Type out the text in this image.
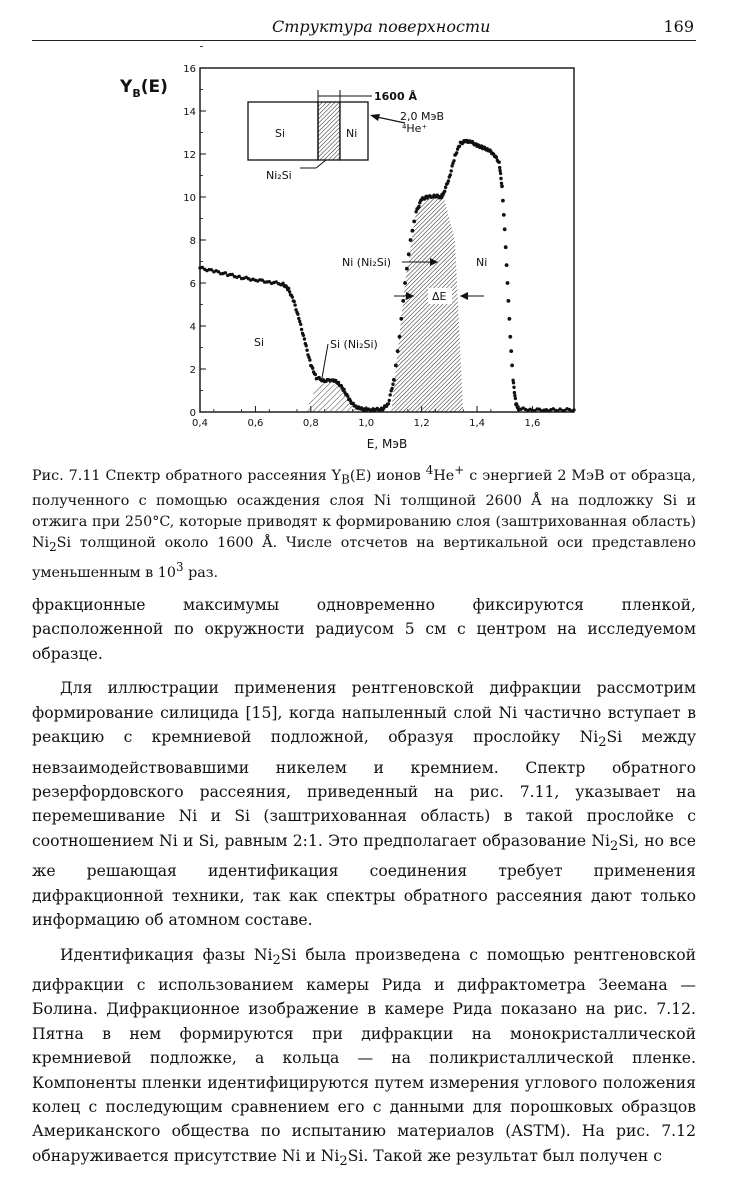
Структура поверхности	169
$Y_B(E)$
0
2
4
6
8
10
12
14
16
0,4	0,6	0,8	1,0	1,2	1,4	1,6
E, МэВ
Si	Ni
1600 Å
2,0 МэВ
⁴He⁺
Ni₂Si
Si
Ni
Si (Ni₂Si)
Ni (Ni₂Si)
ΔE
Рис. 7.11 Спектр обратного рассеяния $Y_B(E)$ ионов $^4$He+ с энергией 2 МэВ от образца, полученного с помощью осаждения слоя Ni толщиной 2600 Å на подложку Si и отжига при 250°C, которые приводят к формированию слоя (заштрихованная область) $Ni_2Si$ толщиной около 1600 Å. Числе отсчетов на вертикальной оси представлено уменьшенным в $10^3$ раз.

фракционные максимумы одновременно фиксируются пленкой, расположенной по окружности радиусом 5 см с центром на исследуемом образце.

Для иллюстрации применения рентгеновской дифракции рассмотрим формирование силицида [15], когда напыленный слой Ni частично вступает в реакцию с кремниевой подложной, образуя прослойку $Ni_2Si$ между невзаимодействовавшими никелем и кремнием. Спектр обратного резерфордовского рассеяния, приведенный на рис. 7.11, указывает на перемешивание Ni и Si (заштрихованная область) в такой прослойке с соотношением Ni и Si, равным 2:1. Это предполагает образование $Ni_2Si$, но все же решающая идентификация соединения требует применения дифракционной техники, так как спектры обратного рассеяния дают только информацию об атомном составе.

Идентификация фазы $Ni_2Si$ была произведена с помощью рентгеновской дифракции с использованием камеры Рида и дифрактометра Зеемана — Болина. Дифракционное изображение в камере Рида показано на рис. 7.12. Пятна в нем формируются при дифракции на монокристаллической кремниевой подложке, а кольца — на поликристаллической пленке. Компоненты пленки идентифицируются путем измерения углового положения колец с последующим сравнением его с данными для порошковых образцов Американского общества по испытанию материалов (ASTM). На рис. 7.12 обнаруживается присутствие Ni и $Ni_2Si$. Такой же результат был получен с
